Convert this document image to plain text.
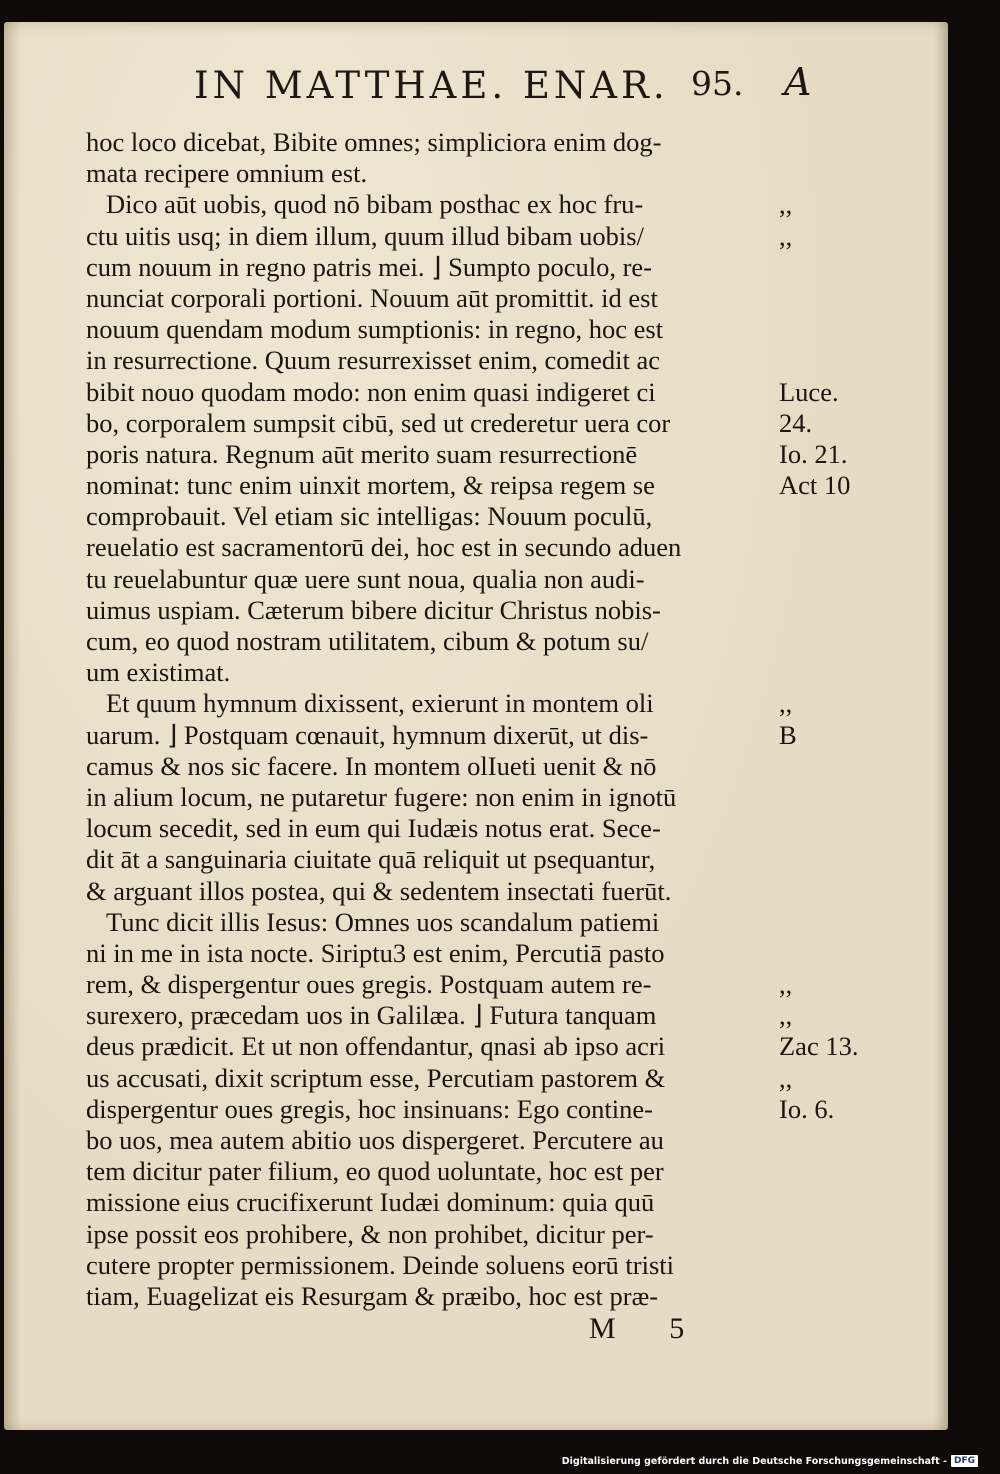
IN MATTHAE. ENAR. 95. A
hoc loco dicebat, Bibite omnes; simpliciora enim dog-
mata recipere omnium est.
Dico aūt uobis, quod nō bibam posthac ex hoc fru-
ctu uitis usq; in diem illum, quum illud bibam uobis/
cum nouum in regno patris mei. ⌋ Sumpto poculo, re-
nunciat corporali portioni. Nouum aūt promittit. id est
nouum quendam modum sumptionis: in regno, hoc est
in resurrectione. Quum resurrexisset enim, comedit ac
bibit nouo quodam modo: non enim quasi indigeret ci
bo, corporalem sumpsit cibū, sed ut crederetur uera cor
poris natura. Regnum aūt merito suam resurrectionē
nominat: tunc enim uinxit mortem, & reipsa regem se
comprobauit. Vel etiam sic intelligas: Nouum poculū,
reuelatio est sacramentorū dei, hoc est in secundo aduen
tu reuelabuntur quæ uere sunt noua, qualia non audi-
uimus uspiam. Cæterum bibere dicitur Christus nobis-
cum, eo quod nostram utilitatem, cibum & potum su/
um existimat.
Et quum hymnum dixissent, exierunt in montem oli
uarum. ⌋ Postquam cœnauit, hymnum dixerūt, ut dis-
camus & nos sic facere. In montem olIueti uenit & nō
in alium locum, ne putaretur fugere: non enim in ignotū
locum secedit, sed in eum qui Iudæis notus erat. Sece-
dit āt a sanguinaria ciuitate quā reliquit ut psequantur,
& arguant illos postea, qui & sedentem insectati fuerūt.
Tunc dicit illis Iesus: Omnes uos scandalum patiemi
ni in me in ista nocte. Siriptu3 est enim, Percutiā pasto
rem, & dispergentur oues gregis. Postquam autem re-
surexero, præcedam uos in Galilæa. ⌋ Futura tanquam
deus prædicit. Et ut non offendantur, qnasi ab ipso acri
us accusati, dixit scriptum esse, Percutiam pastorem &
dispergentur oues gregis, hoc insinuans: Ego contine-
bo uos, mea autem abitio uos dispergeret. Percutere au
tem dicitur pater filium, eo quod uoluntate, hoc est per
missione eius crucifixerunt Iudæi dominum: quia quū
ipse possit eos prohibere, & non prohibet, dicitur per-
cutere propter permissionem. Deinde soluens eorū tristi
tiam, Euagelizat eis Resurgam & præibo, hoc est præ-
,,
,,
Luce.
24.
Io. 21.
Act 10
,,
B
,,
,,
Zac 13.
,,
Io. 6.
M 5
Digitalisierung gefördert durch die Deutsche Forschungsgemeinschaft - DFG
